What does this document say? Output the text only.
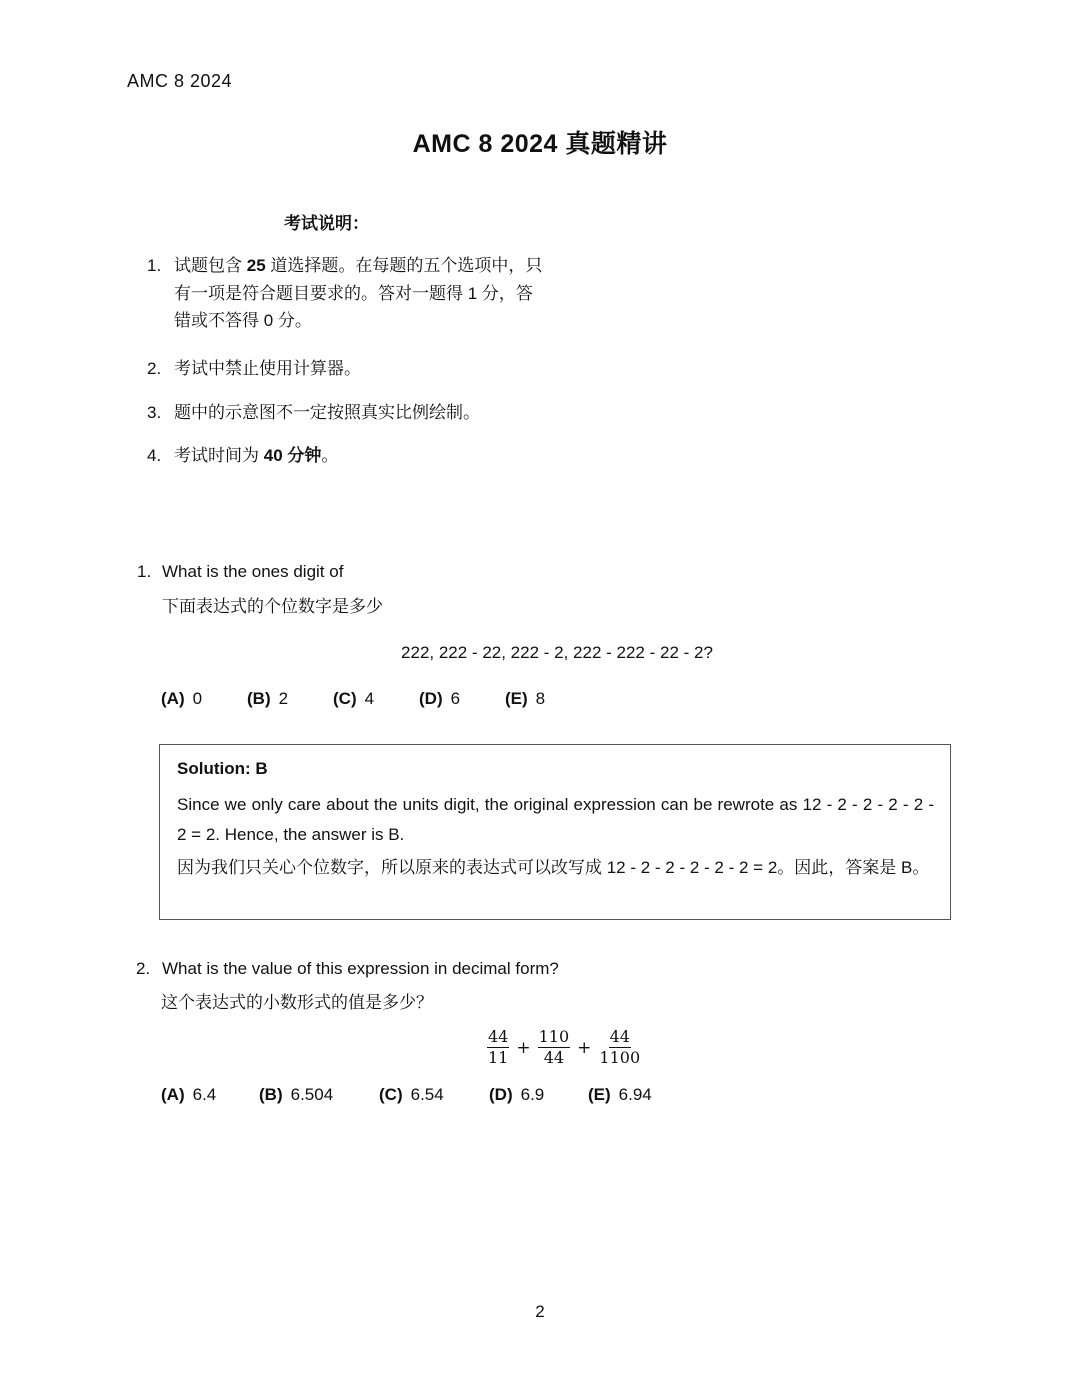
AMC 8 2024
AMC 8 2024 真题精讲
考试说明：
1. 试题包含 25 道选择题。在每题的五个选项中，只有一项是符合题目要求的。答对一题得 1 分，答错或不答得 0 分。
2. 考试中禁止使用计算器。
3. 题中的示意图不一定按照真实比例绘制。
4. 考试时间为 40 分钟。
1. What is the ones digit of
下面表达式的个位数字是多少
222, 222 - 22, 222 - 2, 222 - 222 - 22 - 2?
(A) 0	(B) 2	(C) 4	(D) 6	(E) 8
Solution: B
Since we only care about the units digit, the original expression can be rewrote as 12 - 2 - 2 - 2 - 2 - 2 = 2. Hence, the answer is B.
因为我们只关心个位数字，所以原来的表达式可以改写成 12 - 2 - 2 - 2 - 2 - 2 = 2。因此，答案是 B。
2. What is the value of this expression in decimal form?
这个表达式的小数形式的值是多少？
$\frac{44}{11} + \frac{110}{44} + \frac{44}{1100}$
(A) 6.4	(B) 6.504	(C) 6.54	(D) 6.9	(E) 6.94
2
